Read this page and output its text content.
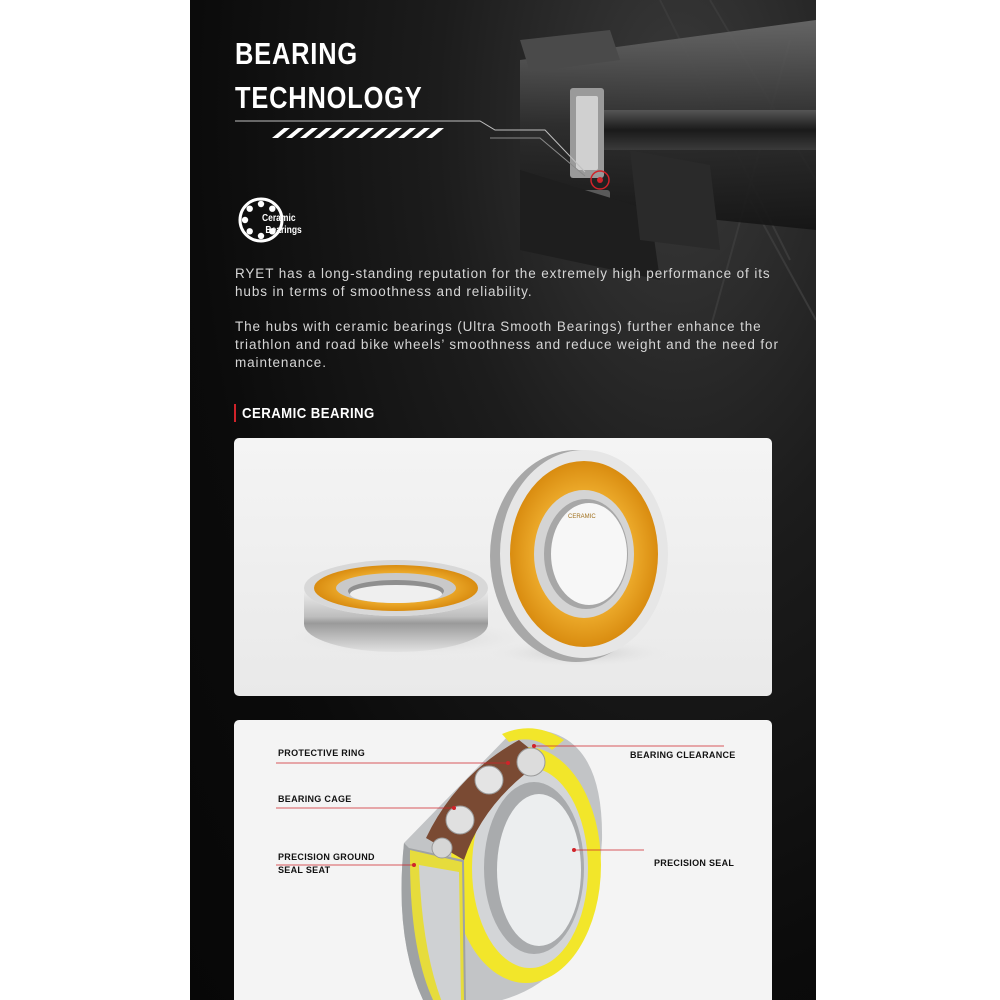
BEARING
TECHNOLOGY
Ceramic
Bearings

RYET has a long-standing reputation for the extremely high performance of its hubs in terms of smoothness and reliability.

The hubs with ceramic bearings (Ultra Smooth Bearings) further enhance the triathlon and road bike wheels’ smoothness and reduce weight and the need for maintenance.

CERAMIC BEARING
CERAMIC
PROTECTIVE RING
BEARING CAGE
PRECISION GROUND
SEAL SEAT
BEARING CLEARANCE
PRECISION SEAL
